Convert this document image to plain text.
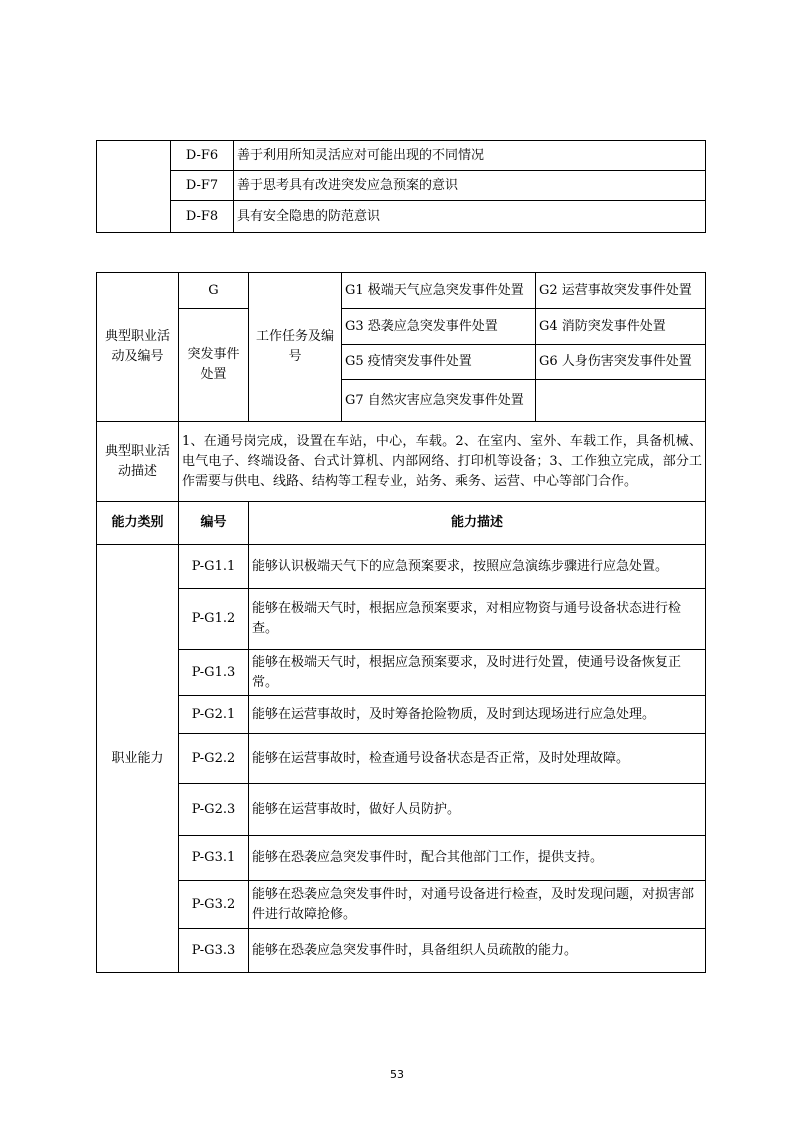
	D-F6	善于利用所知灵活应对可能出现的不同情况
	D-F7	善于思考具有改进突发应急预案的意识
	D-F8	具有安全隐患的防范意识
典型职业活动及编号	G	工作任务及编号	G1 极端天气应急突发事件处置	G2 运营事故突发事件处置
	突发事件处置		G3 恐袭应急突发事件处置	G4 消防突发事件处置
			G5 疫情突发事件处置	G6 人身伤害突发事件处置
			G7 自然灾害应急突发事件处置	
典型职业活动描述	1、在通号岗完成，设置在车站，中心，车载。2、在室内、室外、车载工作，具备机械、电气电子、终端设备、台式计算机、内部网络、打印机等设备；3、工作独立完成，部分工作需要与供电、线路、结构等工程专业，站务、乘务、运营、中心等部门合作。			
能力类别	编号	能力描述		
职业能力	P-G1.1	能够认识极端天气下的应急预案要求，按照应急演练步骤进行应急处置。		
	P-G1.2	能够在极端天气时，根据应急预案要求，对相应物资与通号设备状态进行检查。		
	P-G1.3	能够在极端天气时，根据应急预案要求，及时进行处置，使通号设备恢复正常。		
	P-G2.1	能够在运营事故时，及时筹备抢险物质，及时到达现场进行应急处理。		
	P-G2.2	能够在运营事故时，检查通号设备状态是否正常，及时处理故障。		
	P-G2.3	能够在运营事故时，做好人员防护。		
	P-G3.1	能够在恐袭应急突发事件时，配合其他部门工作，提供支持。		
	P-G3.2	能够在恐袭应急突发事件时，对通号设备进行检查，及时发现问题，对损害部件进行故障抢修。		
	P-G3.3	能够在恐袭应急突发事件时，具备组织人员疏散的能力。		
53
